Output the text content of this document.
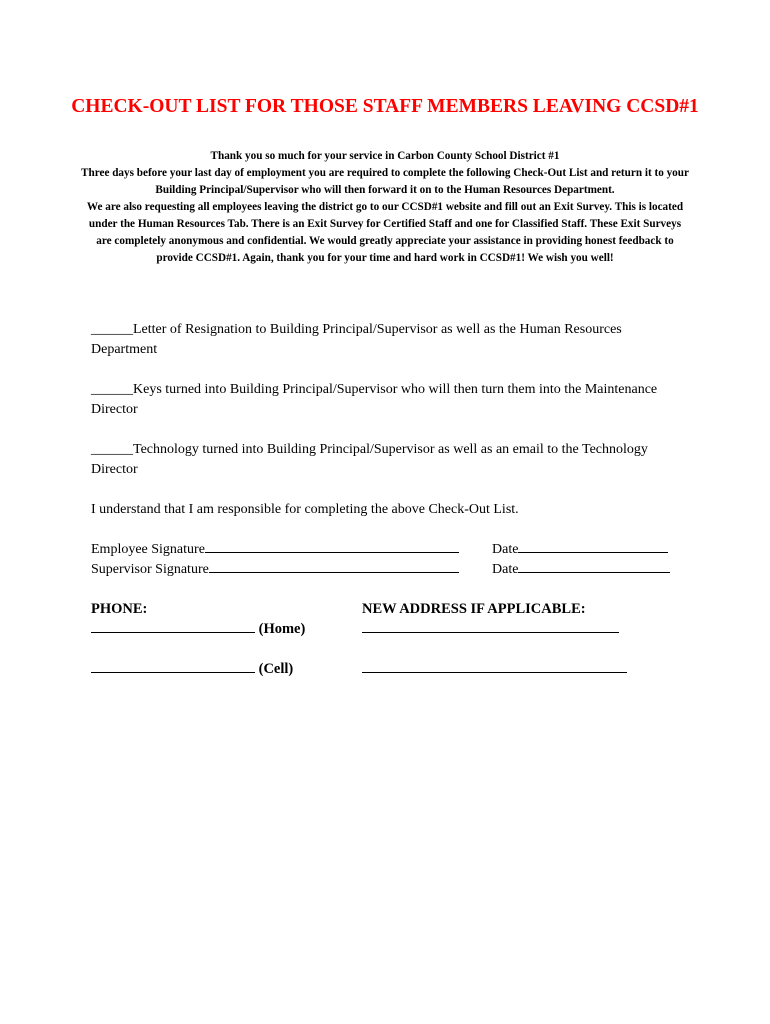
CHECK-OUT LIST FOR THOSE STAFF MEMBERS LEAVING CCSD#1

Thank you so much for your service in Carbon County School District #1

Three days before your last day of employment you are required to complete the following Check-Out List and return it to your Building Principal/Supervisor who will then forward it on to the Human Resources Department.

We are also requesting all employees leaving the district go to our CCSD#1 website and fill out an Exit Survey. This is located under the Human Resources Tab. There is an Exit Survey for Certified Staff and one for Classified Staff. These Exit Surveys are completely anonymous and confidential. We would greatly appreciate your assistance in providing honest feedback to provide CCSD#1. Again, thank you for your time and hard work in CCSD#1! We wish you well!

______Letter of Resignation to Building Principal/Supervisor as well as the Human Resources Department
______Keys turned into Building Principal/Supervisor who will then turn them into the Maintenance Director
______Technology turned into Building Principal/Supervisor as well as an email to the Technology Director
I understand that I am responsible for completing the above Check-Out List.
Employee Signature	Date
Supervisor Signature	Date
PHONE:	NEW ADDRESS IF APPLICABLE:
(Home)
(Cell)
